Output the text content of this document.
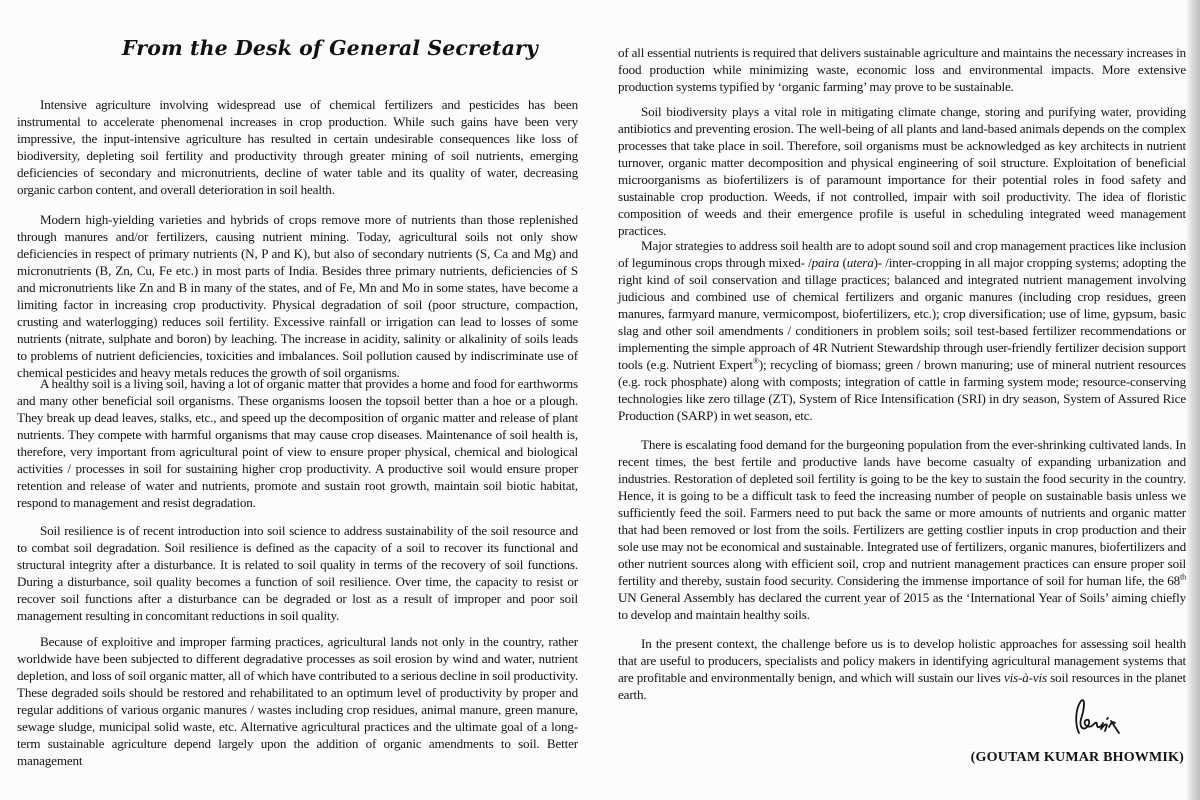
From the Desk of General Secretary

Intensive agriculture involving widespread use of chemical fertilizers and pesticides has been instrumental to accelerate phenomenal increases in crop production. While such gains have been very impressive, the input-intensive agriculture has resulted in certain undesirable consequences like loss of biodiversity, depleting soil fertility and productivity through greater mining of soil nutrients, emerging deficiencies of secondary and micronutrients, decline of water table and its quality of water, decreasing organic carbon content, and overall deterioration in soil health.

Modern high-yielding varieties and hybrids of crops remove more of nutrients than those replenished through manures and/or fertilizers, causing nutrient mining. Today, agricultural soils not only show deficiencies in respect of primary nutrients (N, P and K), but also of secondary nutrients (S, Ca and Mg) and micronutrients (B, Zn, Cu, Fe etc.) in most parts of India. Besides three primary nutrients, deficiencies of S and micronutrients like Zn and B in many of the states, and of Fe, Mn and Mo in some states, have become a limiting factor in increasing crop productivity. Physical degradation of soil (poor structure, compaction, crusting and waterlogging) reduces soil fertility. Excessive rainfall or irrigation can lead to losses of some nutrients (nitrate, sulphate and boron) by leaching. The increase in acidity, salinity or alkalinity of soils leads to problems of nutrient deficiencies, toxicities and imbalances. Soil pollution caused by indiscriminate use of chemical pesticides and heavy metals reduces the growth of soil organisms.

A healthy soil is a living soil, having a lot of organic matter that provides a home and food for earthworms and many other beneficial soil organisms. These organisms loosen the topsoil better than a hoe or a plough. They break up dead leaves, stalks, etc., and speed up the decomposition of organic matter and release of plant nutrients. They compete with harmful organisms that may cause crop diseases. Maintenance of soil health is, therefore, very important from agricultural point of view to ensure proper physical, chemical and biological activities / processes in soil for sustaining higher crop productivity. A productive soil would ensure proper retention and release of water and nutrients, promote and sustain root growth, maintain soil biotic habitat, respond to management and resist degradation.

Soil resilience is of recent introduction into soil science to address sustainability of the soil resource and to combat soil degradation. Soil resilience is defined as the capacity of a soil to recover its functional and structural integrity after a disturbance. It is related to soil quality in terms of the recovery of soil functions. During a disturbance, soil quality becomes a function of soil resilience. Over time, the capacity to resist or recover soil functions after a disturbance can be degraded or lost as a result of improper and poor soil management resulting in concomitant reductions in soil quality.

Because of exploitive and improper farming practices, agricultural lands not only in the country, rather worldwide have been subjected to different degradative processes as soil erosion by wind and water, nutrient depletion, and loss of soil organic matter, all of which have contributed to a serious decline in soil productivity. These degraded soils should be restored and rehabilitated to an optimum level of productivity by proper and regular additions of various organic manures / wastes including crop residues, animal manure, green manure, sewage sludge, municipal solid waste, etc. Alternative agricultural practices and the ultimate goal of a long-term sustainable agriculture depend largely upon the addition of organic amendments to soil. Better management

of all essential nutrients is required that delivers sustainable agriculture and maintains the necessary increases in food production while minimizing waste, economic loss and environmental impacts. More extensive production systems typified by ‘organic farming’ may prove to be sustainable.

Soil biodiversity plays a vital role in mitigating climate change, storing and purifying water, providing antibiotics and preventing erosion. The well-being of all plants and land-based animals depends on the complex processes that take place in soil. Therefore, soil organisms must be acknowledged as key architects in nutrient turnover, organic matter decomposition and physical engineering of soil structure. Exploitation of beneficial microorganisms as biofertilizers is of paramount importance for their potential roles in food safety and sustainable crop production. Weeds, if not controlled, impair with soil productivity. The idea of floristic composition of weeds and their emergence profile is useful in scheduling integrated weed management practices.

Major strategies to address soil health are to adopt sound soil and crop management practices like inclusion of leguminous crops through mixed- /paira (utera)- /inter-cropping in all major cropping systems; adopting the right kind of soil conservation and tillage practices; balanced and integrated nutrient management involving judicious and combined use of chemical fertilizers and organic manures (including crop residues, green manures, farmyard manure, vermicompost, biofertilizers, etc.); crop diversification; use of lime, gypsum, basic slag and other soil amendments / conditioners in problem soils; soil test-based fertilizer recommendations or implementing the simple approach of 4R Nutrient Stewardship through user-friendly fertilizer decision support tools (e.g. Nutrient Expert®); recycling of biomass; green / brown manuring; use of mineral nutrient resources (e.g. rock phosphate) along with composts; integration of cattle in farming system mode; resource-conserving technologies like zero tillage (ZT), System of Rice Intensification (SRI) in dry season, System of Assured Rice Production (SARP) in wet season, etc.

There is escalating food demand for the burgeoning population from the ever-shrinking cultivated lands. In recent times, the best fertile and productive lands have become casualty of expanding urbanization and industries. Restoration of depleted soil fertility is going to be the key to sustain the food security in the country. Hence, it is going to be a difficult task to feed the increasing number of people on sustainable basis unless we sufficiently feed the soil. Farmers need to put back the same or more amounts of nutrients and organic matter that had been removed or lost from the soils. Fertilizers are getting costlier inputs in crop production and their sole use may not be economical and sustainable. Integrated use of fertilizers, organic manures, biofertilizers and other nutrient sources along with efficient soil, crop and nutrient management practices can ensure proper soil fertility and thereby, sustain food security. Considering the immense importance of soil for human life, the 68th UN General Assembly has declared the current year of 2015 as the ‘International Year of Soils’ aiming chiefly to develop and maintain healthy soils.

In the present context, the challenge before us is to develop holistic approaches for assessing soil health that are useful to producers, specialists and policy makers in identifying agricultural management systems that are profitable and environmentally benign, and which will sustain our lives vis-à-vis soil resources in the planet earth.

(GOUTAM KUMAR BHOWMIK)
